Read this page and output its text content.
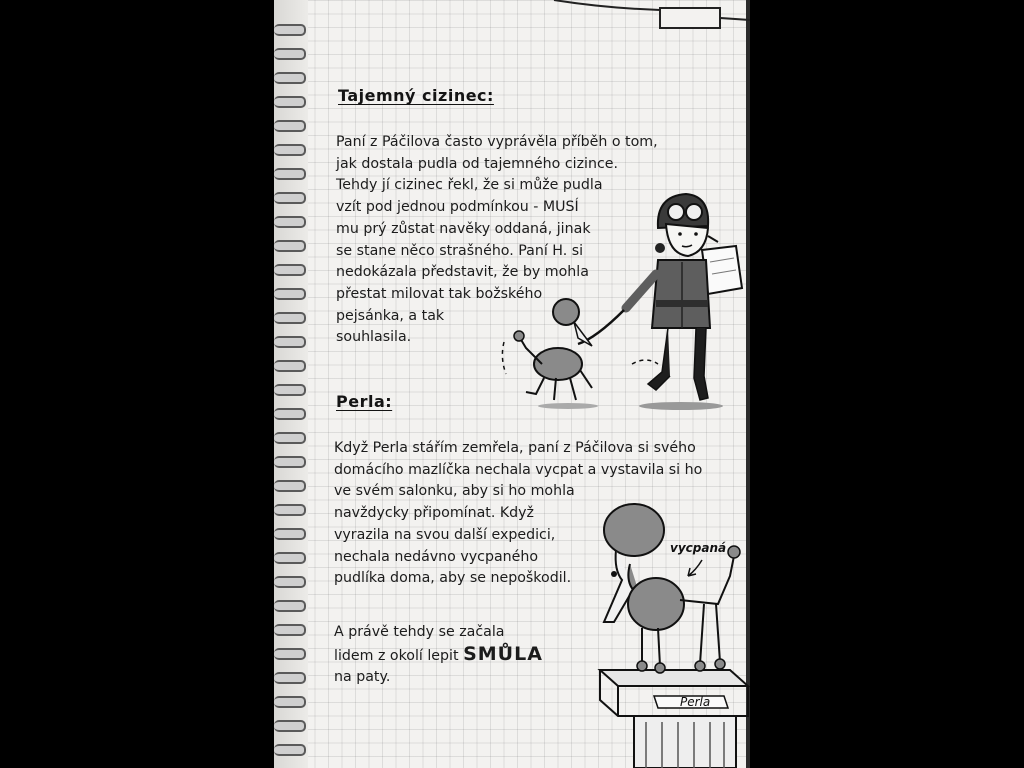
Tajemný cizinec:
Paní z Páčilova často vyprávěla příběh o tom,
jak dostala pudla od tajemného cizince.
Tehdy jí cizinec řekl, že si může pudla
vzít pod jednou podmínkou - MUSÍ
mu prý zůstat navěky oddaná, jinak
se stane něco strašného. Paní H. si
nedokázala představit, že by mohla
přestat milovat tak božského
pejsánka, a tak
souhlasila.
Perla:
Když Perla stářím zemřela, paní z Páčilova si svého
domácího mazlíčka nechala vycpat a vystavila si ho
ve svém salonku, aby si ho mohla
navždycky připomínat. Když
vyrazila na svou další expedici,
nechala nedávno vycpaného
pudlíka doma, aby se nepoškodil.
A právě tehdy se začala
lidem z okolí lepit SMŮLA
na paty.
vycpaná
Perla
